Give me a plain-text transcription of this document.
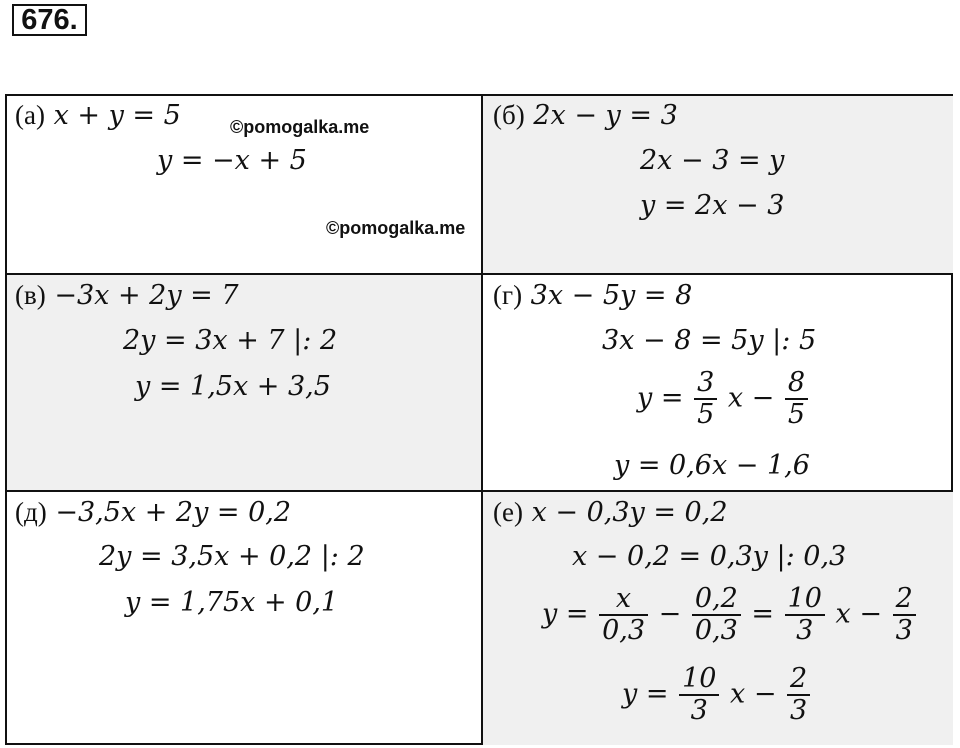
676.
(а) x + y = 5
y = −x + 5
(б) 2x − y = 3
2x − 3 = y
y = 2x − 3
(в) −3x + 2y = 7
2y = 3x + 7 |: 2
y = 1,5x + 3,5
(г) 3x − 5y = 8
3x − 8 = 5y |: 5
$y = \frac{3}{5}$ $x - \frac{8}{5}$
y = 0,6x − 1,6
(д) −3,5x + 2y = 0,2
2y = 3,5x + 0,2 |: 2
y = 1,75x + 0,1
(е) x − 0,3y = 0,2
x − 0,2 = 0,3y |: 0,3
$y = \frac{x}{0,3} - \frac{0,2}{0,3} = \frac{10}{3}$ $x - \frac{2}{3}$
$y = \frac{10}{3}$ $x - \frac{2}{3}$
©pomogalka.me
©pomogalka.me
